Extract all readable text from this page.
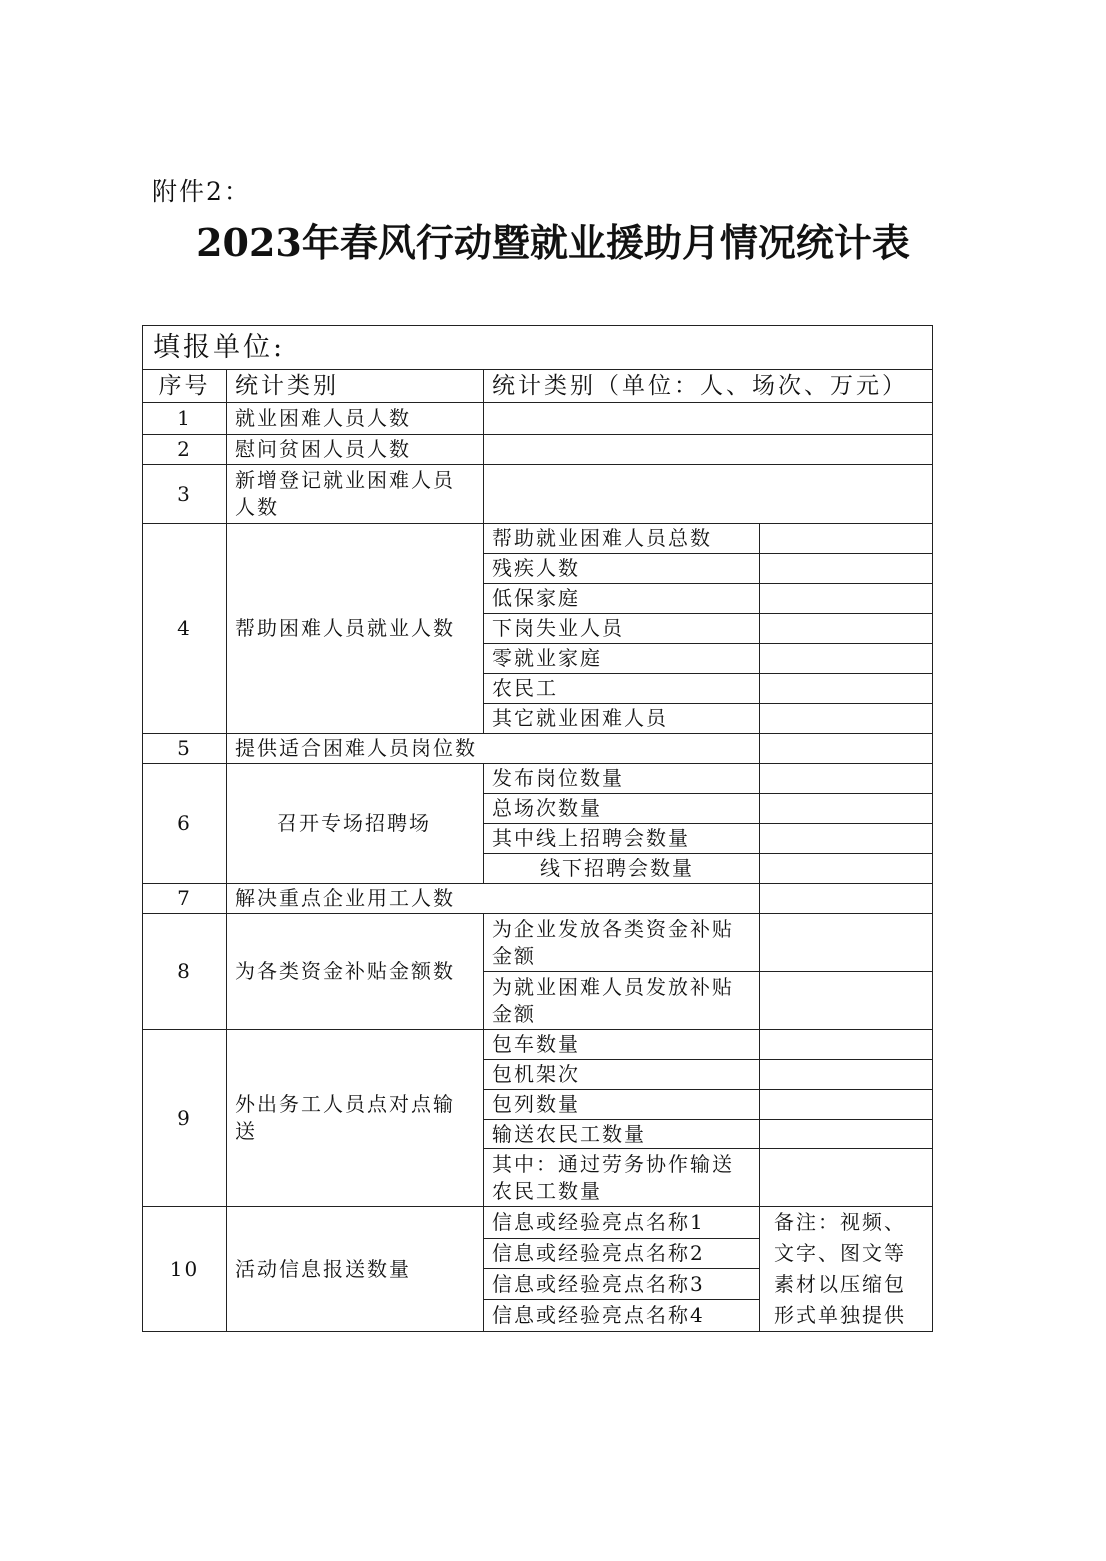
附件2：
2023年春风行动暨就业援助月情况统计表
填报单位:			
序号	统计类别	统计类别（单位：人、场次、万元）	
1	就业困难人员人数		
2	慰问贫困人员人数		
3	新增登记就业困难人员人数		
4	帮助困难人员就业人数	帮助就业困难人员总数	
		残疾人数	
		低保家庭	
		下岗失业人员	
		零就业家庭	
		农民工	
		其它就业困难人员	
5	提供适合困难人员岗位数		
6	召开专场招聘场	发布岗位数量	
		总场次数量	
		其中线上招聘会数量	
		线下招聘会数量	
7	解决重点企业用工人数		
8	为各类资金补贴金额数	为企业发放各类资金补贴金额	
		为就业困难人员发放补贴金额	
9	外出务工人员点对点输送	包车数量	
		包机架次	
		包列数量	
		输送农民工数量	
		其中：通过劳务协作输送农民工数量	
10	活动信息报送数量	信息或经验亮点名称1	备注：视频、文字、图文等素材以压缩包形式单独提供
		信息或经验亮点名称2	
		信息或经验亮点名称3	
		信息或经验亮点名称4	
